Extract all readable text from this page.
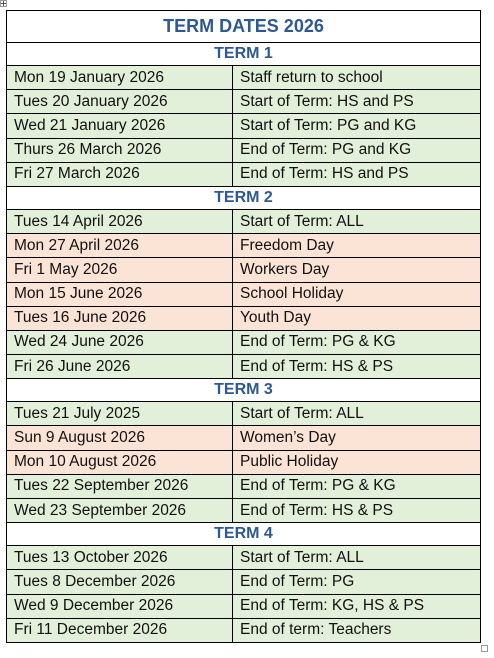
TERM DATES 2026	
TERM 1	
Mon 19 January 2026	Staff return to school
Tues 20 January 2026	Start of Term: HS and PS
Wed 21 January 2026	Start of Term: PG and KG
Thurs 26 March 2026	End of Term: PG and KG
Fri 27 March 2026	End of Term: HS and PS
TERM 2	
Tues 14 April 2026	Start of Term: ALL
Mon 27 April 2026	Freedom Day
Fri 1 May 2026	Workers Day
Mon 15 June 2026	School Holiday
Tues 16 June 2026	Youth Day
Wed 24 June 2026	End of Term: PG & KG
Fri 26 June 2026	End of Term: HS & PS
TERM 3	
Tues 21 July 2025	Start of Term: ALL
Sun 9 August 2026	Women’s Day
Mon 10 August 2026	Public Holiday
Tues 22 September 2026	End of Term: PG & KG
Wed 23 September 2026	End of Term: HS & PS
TERM 4	
Tues 13 October 2026	Start of Term: ALL
Tues 8 December 2026	End of Term: PG
Wed 9 December 2026	End of Term: KG, HS & PS
Fri 11 December 2026	End of term: Teachers
